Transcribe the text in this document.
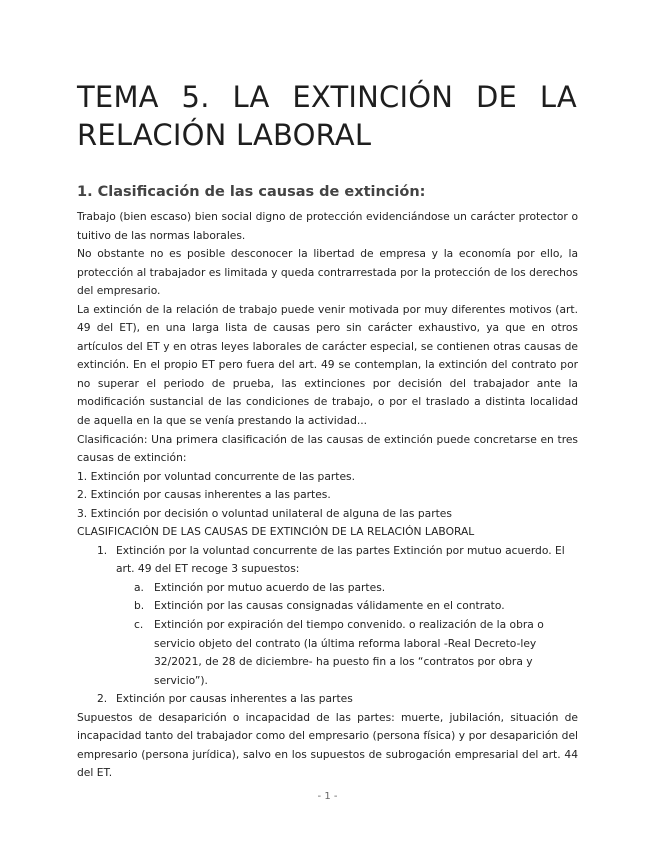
TEMA 5. LA EXTINCIÓN DE LA
RELACIÓN LABORAL
1. Clasificación de las causas de extinción:

Trabajo (bien escaso) bien social digno de protección evidenciándose un carácter protector o tuitivo de las normas laborales.

No obstante no es posible desconocer la libertad de empresa y la economía por ello, la protección al trabajador es limitada y queda contrarrestada por la protección de los derechos del empresario.

La extinción de la relación de trabajo puede venir motivada por muy diferentes motivos (art. 49 del ET), en una larga lista de causas pero sin carácter exhaustivo, ya que en otros artículos del ET y en otras leyes laborales de carácter especial, se contienen otras causas de extinción. En el propio ET pero fuera del art. 49 se contemplan, la extinción del contrato por no superar el periodo de prueba, las extinciones por decisión del trabajador ante la modificación sustancial de las condiciones de trabajo, o por el traslado a distinta localidad de aquella en la que se venía prestando la actividad...

Clasificación: Una primera clasificación de las causas de extinción puede concretarse en tres causas de extinción:

1. Extinción por voluntad concurrente de las partes.

2. Extinción por causas inherentes a las partes.

3. Extinción por decisión o voluntad unilateral de alguna de las partes

CLASIFICACIÓN DE LAS CAUSAS DE EXTINCIÓN DE LA RELACIÓN LABORAL

1. Extinción por la voluntad concurrente de las partes Extinción por mutuo acuerdo. El art. 49 del ET recoge 3 supuestos:
a. Extinción por mutuo acuerdo de las partes.
b. Extinción por las causas consignadas válidamente en el contrato.
c. Extinción por expiración del tiempo convenido. o realización de la obra o servicio objeto del contrato (la última reforma laboral -Real Decreto-ley 32/2021, de 28 de diciembre- ha puesto fin a los “contratos por obra y servicio”).
2. Extinción por causas inherentes a las partes

Supuestos de desaparición o incapacidad de las partes: muerte, jubilación, situación de incapacidad tanto del trabajador como del empresario (persona física) y por desaparición del empresario (persona jurídica), salvo en los supuestos de subrogación empresarial del art. 44 del ET.

- 1 -
